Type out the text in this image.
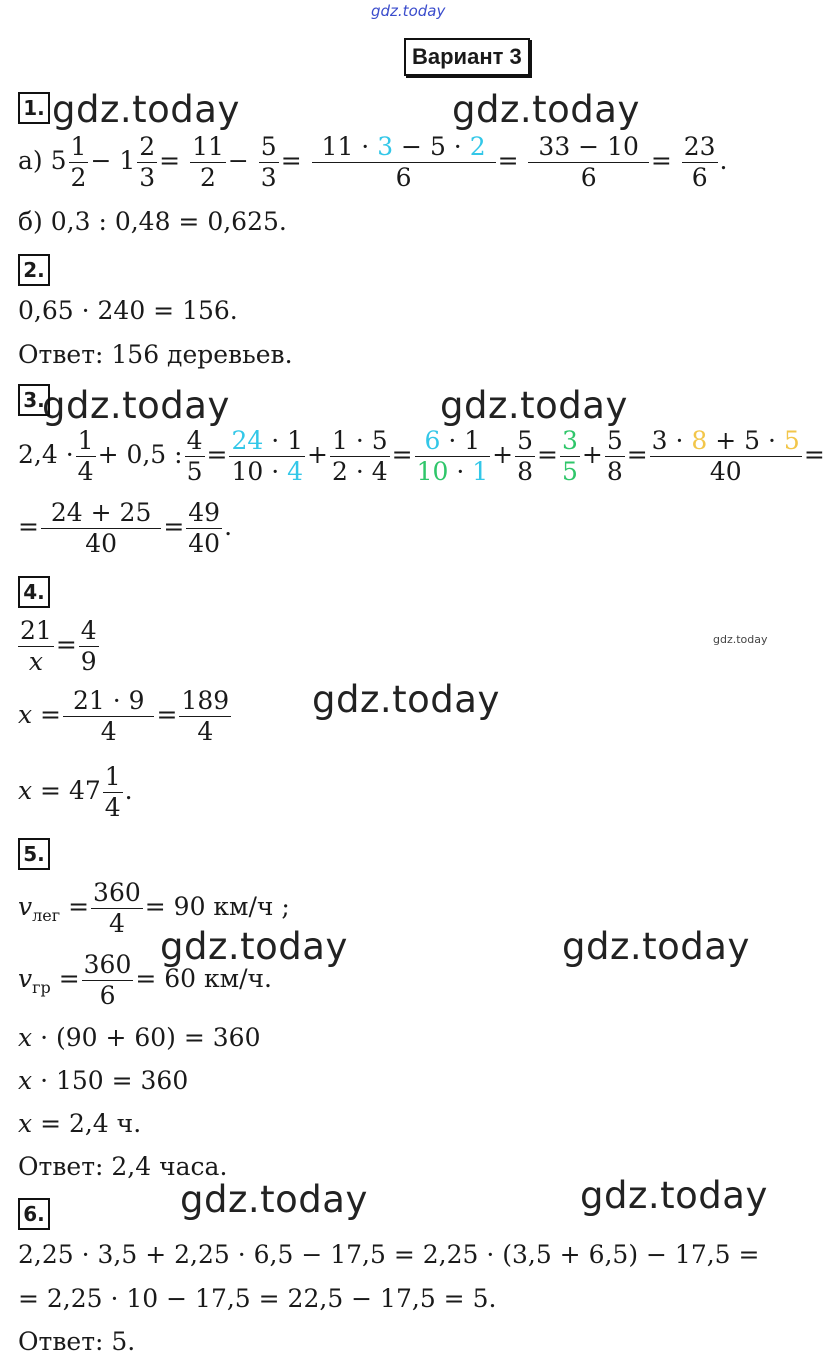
gdz.today
Вариант 3
gdz.today	gdz.today
gdz.today	gdz.today
gdz.today
gdz.today
gdz.today	gdz.today
gdz.today	gdz.today
1.
а) $5 \frac{1}{2} - 1 \frac{2}{3} = \frac{11}{2} - \frac{5}{3} = \frac{11 \cdot 3 - 5 \cdot 2}{6} = \frac{33 - 10}{6} = \frac{23}{6}$ .
б) 0,3 : 0,48 = 0,625.
2.
0,65 · 240 = 156.
Ответ: 156 деревьев.
3.
$2,4 \cdot \frac{1}{4} + 0,5$ : $\frac{4}{5} = \frac{24 \cdot 1}{10 \cdot 4} + \frac{1 \cdot 5}{2 \cdot 4} = \frac{6 \cdot 1}{10 \cdot 1} + \frac{5}{8} = \frac{3}{5} + \frac{5}{8} = \frac{3 \cdot 8 + 5 \cdot 5}{40}$ =
= $\frac{24 + 25}{40} = \frac{49}{40}$ .
4.
$\frac{21}{x} = \frac{4}{9}$
$x = \frac{21 \cdot 9}{4} = \frac{189}{4}$
$x = 47 \frac{1}{4}$ .
5.
$v_{лег} = \frac{360}{4} = 90$ км/ч ;
$v_{гр} = \frac{360}{6} = 60$ км/ч.
x · (90 + 60) = 360
x · 150 = 360
x = 2,4 ч.
Ответ: 2,4 часа.
6.
2,25 · 3,5 + 2,25 · 6,5 − 17,5 = 2,25 · (3,5 + 6,5) − 17,5 =
= 2,25 · 10 − 17,5 = 22,5 − 17,5 = 5.
Ответ: 5.
